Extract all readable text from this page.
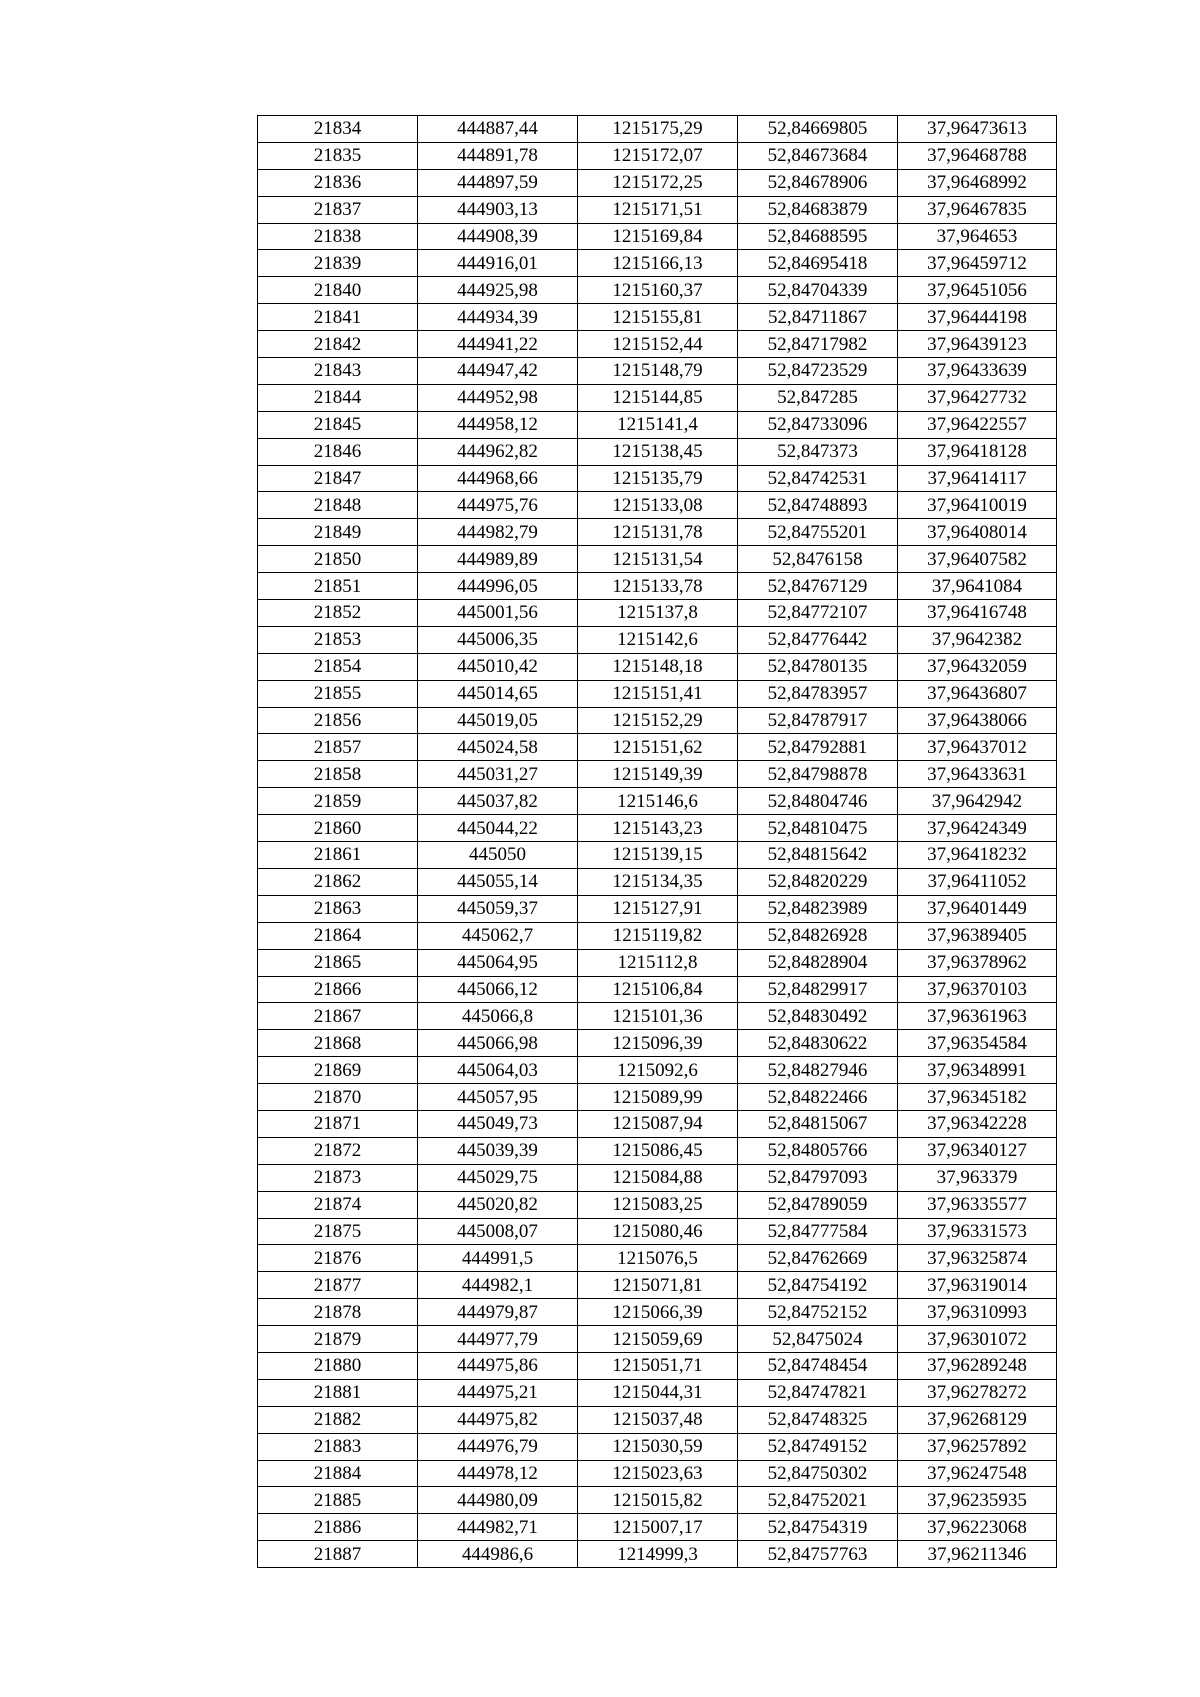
21834	444887,44	1215175,29	52,84669805	37,96473613
21835	444891,78	1215172,07	52,84673684	37,96468788
21836	444897,59	1215172,25	52,84678906	37,96468992
21837	444903,13	1215171,51	52,84683879	37,96467835
21838	444908,39	1215169,84	52,84688595	37,964653
21839	444916,01	1215166,13	52,84695418	37,96459712
21840	444925,98	1215160,37	52,84704339	37,96451056
21841	444934,39	1215155,81	52,84711867	37,96444198
21842	444941,22	1215152,44	52,84717982	37,96439123
21843	444947,42	1215148,79	52,84723529	37,96433639
21844	444952,98	1215144,85	52,847285	37,96427732
21845	444958,12	1215141,4	52,84733096	37,96422557
21846	444962,82	1215138,45	52,847373	37,96418128
21847	444968,66	1215135,79	52,84742531	37,96414117
21848	444975,76	1215133,08	52,84748893	37,96410019
21849	444982,79	1215131,78	52,84755201	37,96408014
21850	444989,89	1215131,54	52,8476158	37,96407582
21851	444996,05	1215133,78	52,84767129	37,9641084
21852	445001,56	1215137,8	52,84772107	37,96416748
21853	445006,35	1215142,6	52,84776442	37,9642382
21854	445010,42	1215148,18	52,84780135	37,96432059
21855	445014,65	1215151,41	52,84783957	37,96436807
21856	445019,05	1215152,29	52,84787917	37,96438066
21857	445024,58	1215151,62	52,84792881	37,96437012
21858	445031,27	1215149,39	52,84798878	37,96433631
21859	445037,82	1215146,6	52,84804746	37,9642942
21860	445044,22	1215143,23	52,84810475	37,96424349
21861	445050	1215139,15	52,84815642	37,96418232
21862	445055,14	1215134,35	52,84820229	37,96411052
21863	445059,37	1215127,91	52,84823989	37,96401449
21864	445062,7	1215119,82	52,84826928	37,96389405
21865	445064,95	1215112,8	52,84828904	37,96378962
21866	445066,12	1215106,84	52,84829917	37,96370103
21867	445066,8	1215101,36	52,84830492	37,96361963
21868	445066,98	1215096,39	52,84830622	37,96354584
21869	445064,03	1215092,6	52,84827946	37,96348991
21870	445057,95	1215089,99	52,84822466	37,96345182
21871	445049,73	1215087,94	52,84815067	37,96342228
21872	445039,39	1215086,45	52,84805766	37,96340127
21873	445029,75	1215084,88	52,84797093	37,963379
21874	445020,82	1215083,25	52,84789059	37,96335577
21875	445008,07	1215080,46	52,84777584	37,96331573
21876	444991,5	1215076,5	52,84762669	37,96325874
21877	444982,1	1215071,81	52,84754192	37,96319014
21878	444979,87	1215066,39	52,84752152	37,96310993
21879	444977,79	1215059,69	52,8475024	37,96301072
21880	444975,86	1215051,71	52,84748454	37,96289248
21881	444975,21	1215044,31	52,84747821	37,96278272
21882	444975,82	1215037,48	52,84748325	37,96268129
21883	444976,79	1215030,59	52,84749152	37,96257892
21884	444978,12	1215023,63	52,84750302	37,96247548
21885	444980,09	1215015,82	52,84752021	37,96235935
21886	444982,71	1215007,17	52,84754319	37,96223068
21887	444986,6	1214999,3	52,84757763	37,96211346
